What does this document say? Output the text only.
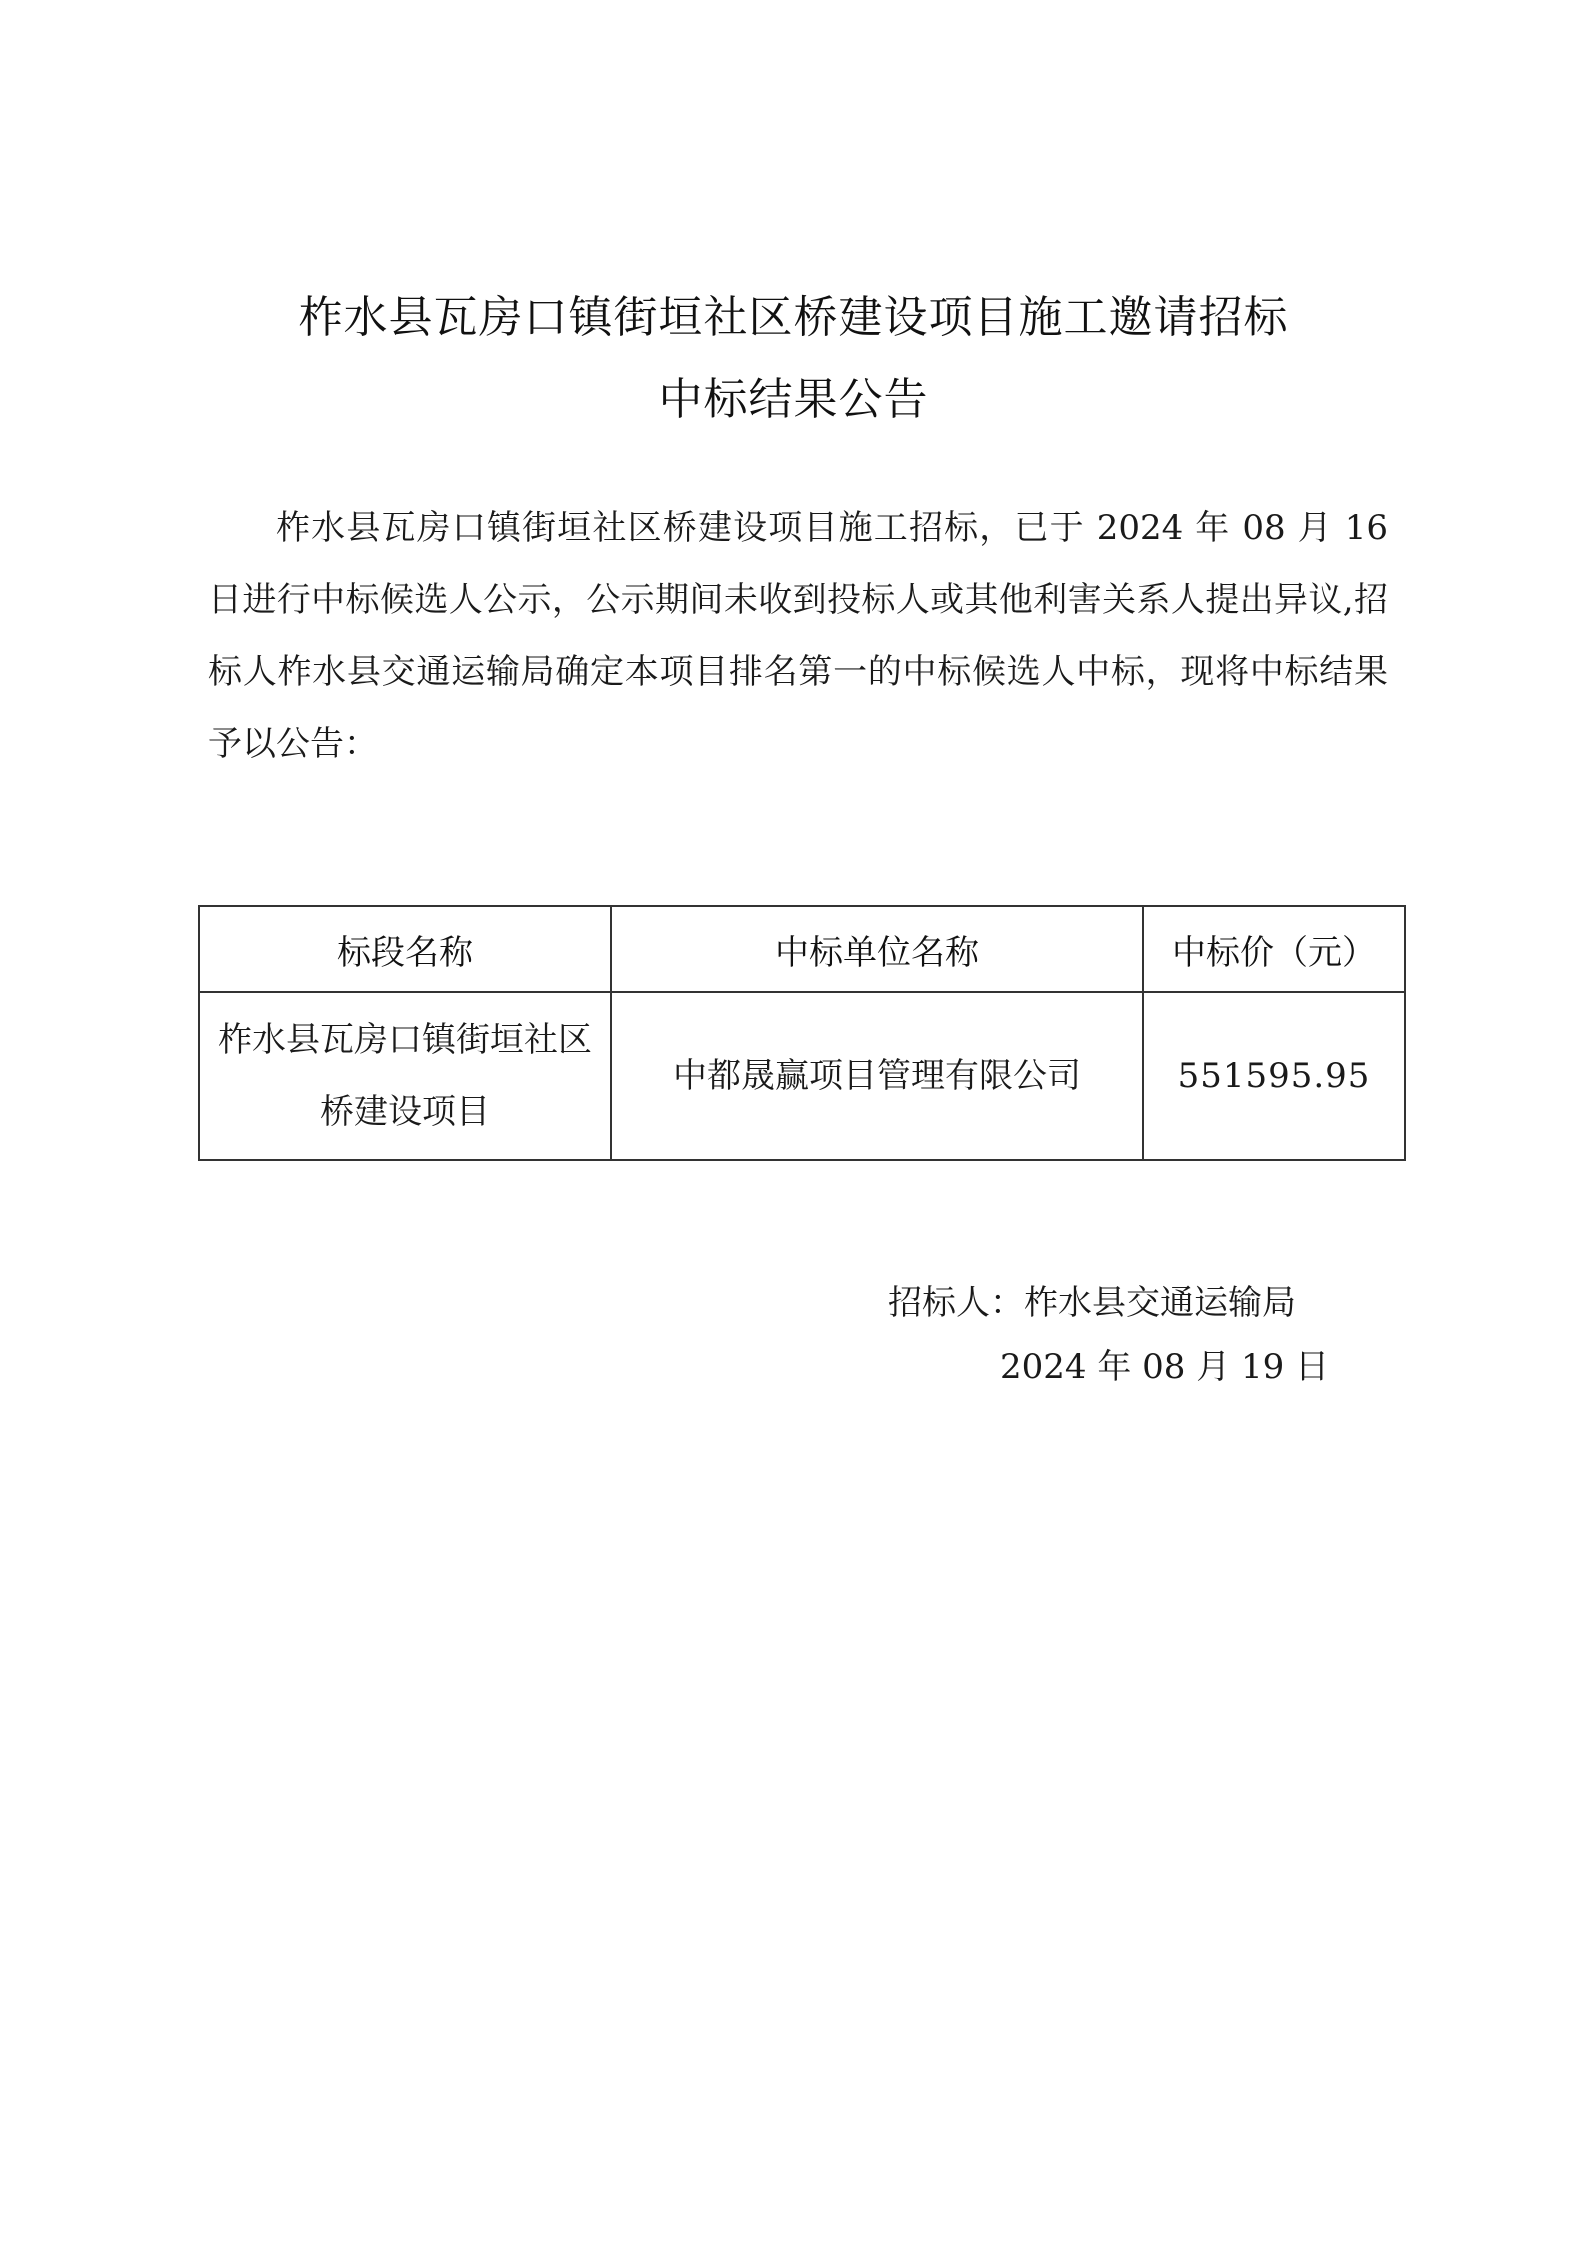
柞水县瓦房口镇街垣社区桥建设项目施工邀请招标
中标结果公告

柞水县瓦房口镇街垣社区桥建设项目施工招标，已于 2024 年 08 月 16 日进行中标候选人公示，公示期间未收到投标人或其他利害关系人提出异议,招标人柞水县交通运输局确定本项目排名第一的中标候选人中标，现将中标结果予以公告：

标段名称	中标单位名称	中标价（元）
柞水县瓦房口镇街垣社区桥建设项目	中都晟赢项目管理有限公司	551595.95
招标人：柞水县交通运输局
2024 年 08 月 19 日
